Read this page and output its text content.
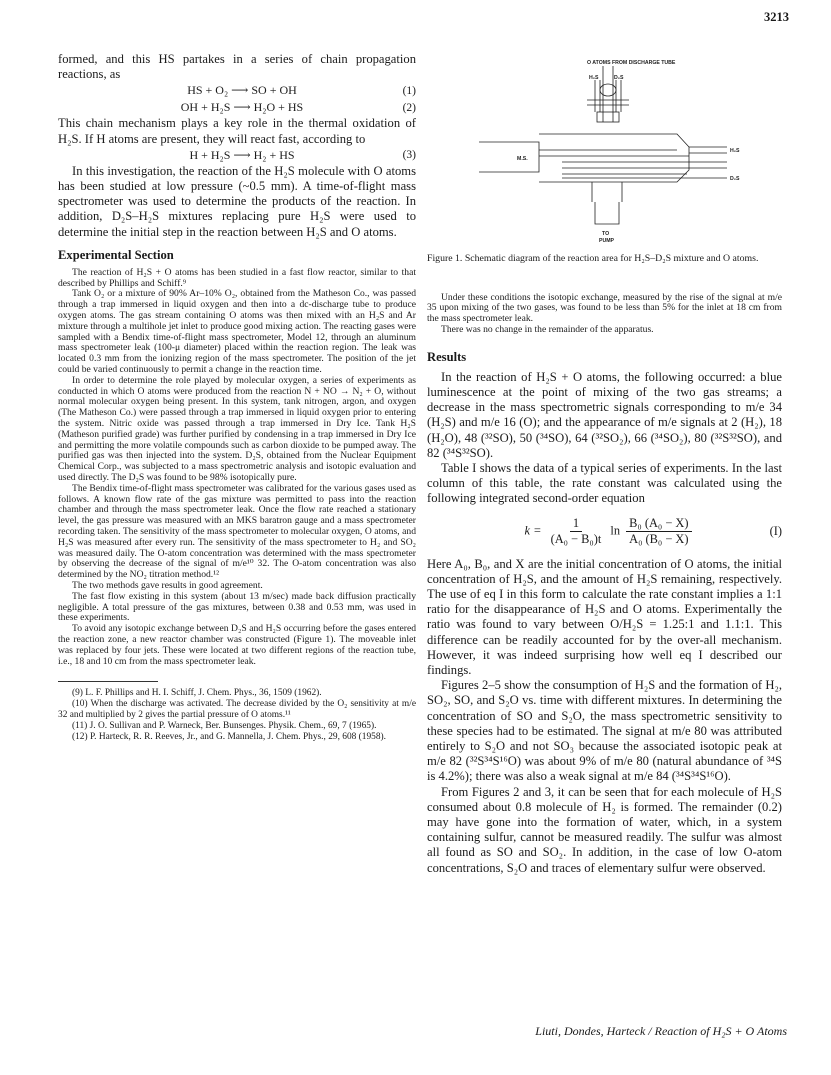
3213

formed, and this HS partakes in a series of chain propagation reactions, as

HS + O₂ ⟶ SO + OH	(1)
OH + H₂S ⟶ H₂O + HS	(2)

This chain mechanism plays a key role in the thermal oxidation of H₂S. If H atoms are present, they will react fast, according to

H + H₂S ⟶ H₂ + HS	(3)

In this investigation, the reaction of the H₂S molecule with O atoms has been studied at low pressure (~0.5 mm). A time-of-flight mass spectrometer was used to determine the products of the reaction. In addition, D₂S–H₂S mixtures replacing pure H₂S were used to determine the initial step in the reaction between H₂S and O atoms.

Experimental Section

The reaction of H₂S + O atoms has been studied in a fast flow reactor, similar to that described by Phillips and Schiff.⁹

Tank O₂ or a mixture of 90% Ar–10% O₂, obtained from the Matheson Co., was passed through a trap immersed in liquid oxygen and then into a dc-discharge tube to produce oxygen atoms. The gas stream containing O atoms was then mixed with an H₂S and Ar mixture through a multihole jet inlet to produce good mixing action. The reacting gases were sampled with a Bendix time-of-flight mass spectrometer, Model 12, through an aluminum mass spectrometer leak (100-μ diameter) placed within the reaction region. The leak was located 0.3 mm from the ionizing region of the mass spectrometer. The position of the jet could be varied continuously to permit a change in the reaction time.

In order to determine the role played by molecular oxygen, a series of experiments as conducted in which O atoms were produced from the reaction N + NO → N₂ + O, without normal molecular oxygen being present. In this system, tank nitrogen, argon, and oxygen (The Matheson Co.) were passed through a trap immersed in liquid oxygen prior to entering the system. Nitric oxide was passed through a trap immersed in Dry Ice. Tank H₂S (Matheson purified grade) was further purified by condensing in a trap immersed in Dry Ice and permitting the more volatile compounds such as carbon dioxide to be pumped away. The purified gas was then injected into the system. D₂S, obtained from the Nuclear Equipment Chemical Corp., was subjected to a mass spectrometric analysis and isotopic evaluation and used directly. The D₂S was found to be 98% isotopically pure.

The Bendix time-of-flight mass spectrometer was calibrated for the various gases used as follows. A known flow rate of the gas mixture was permitted to pass into the reaction chamber and through the mass spectrometer leak. Once the flow rate reached a stationary level, the gas pressure was measured with an MKS baratron gauge and a mass spectrometer recording taken. The sensitivity of the mass spectrometer to molecular oxygen, O atoms, and H₂S was measured after every run. The sensitivity of the mass spectrometer to H₂ and SO₂ was measured daily. The O-atom concentration was determined with the mass spectrometer by observing the decrease of the signal of m/e¹⁰ 32. The O-atom concentration was also determined by the NO₂ titration method.¹²

The two methods gave results in good agreement.

The fast flow existing in this system (about 13 m/sec) made back diffusion practically negligible. A total pressure of the gas mixtures, between 0.38 and 0.53 mm, was used in these experiments.

To avoid any isotopic exchange between D₂S and H₂S occurring before the gases entered the reaction zone, a new reactor chamber was constructed (Figure 1). The moveable inlet was replaced by four jets. These were located at two different regions of the reaction tube, i.e., 18 and 10 cm from the mass spectrometer leak.

(9) L. F. Phillips and H. I. Schiff, J. Chem. Phys., 36, 1509 (1962).

(10) When the discharge was activated. The decrease divided by the O₂ sensitivity at m/e 32 and multiplied by 2 gives the partial pressure of O atoms.¹¹

(11) J. O. Sullivan and P. Warneck, Ber. Bunsenges. Physik. Chem., 69, 7 (1965).

(12) P. Harteck, R. R. Reeves, Jr., and G. Mannella, J. Chem. Phys., 29, 608 (1958).

O ATOMS FROM DISCHARGE TUBE
H₂S	D₂S
M.S.
H₂S
D₂S
TO
PUMP

Figure 1. Schematic diagram of the reaction area for H₂S–D₂S mixture and O atoms.

Under these conditions the isotopic exchange, measured by the rise of the signal at m/e 35 upon mixing of the two gases, was found to be less than 5% for the inlet at 18 cm from the mass spectrometer leak.

There was no change in the remainder of the apparatus.

Results

In the reaction of H₂S + O atoms, the following occurred: a blue luminescence at the point of mixing of the two gas streams; a decrease in the mass spectrometric signals corresponding to m/e 34 (H₂S) and m/e 16 (O); and the appearance of m/e signals at 2 (H₂), 18 (H₂O), 48 (³²SO), 50 (³⁴SO), 64 (³²SO₂), 66 (³⁴SO₂), 80 (³²S³²SO), and 82 (³⁴S³²SO).

Table I shows the data of a typical series of experiments. In the last column of this table, the rate constant was calculated using the following integrated second-order equation

$k = \frac{1}{\text{(A₀ − B₀)t}}$ $\ln \frac{\text{B₀ (A₀ − X)}}{\text{A₀ (B₀ − X)}}$	(I)

Here A₀, B₀, and X are the initial concentration of O atoms, the initial concentration of H₂S, and the amount of H₂S remaining, respectively. The use of eq I in this form to calculate the rate constant implies a 1:1 ratio for the disappearance of H₂S and O atoms. Experimentally the ratio was found to vary between O/H₂S = 1.25:1 and 1.1:1. This difference can be readily accounted for by the over-all mechanism. However, it was indeed surprising how well eq I described our findings.

Figures 2–5 show the consumption of H₂S and the formation of H₂, SO₂, SO, and S₂O vs. time with different mixtures. In determining the concentration of SO and S₂O, the mass spectrometric sensitivity to these species had to be estimated. The signal at m/e 80 was attributed entirely to S₂O and not SO₃ because the associated isotopic peak at m/e 82 (³²S³⁴S¹⁶O) was about 9% of m/e 80 (natural abundance of ³⁴S is 4.2%); there was also a weak signal at m/e 84 (³⁴S³⁴S¹⁶O).

From Figures 2 and 3, it can be seen that for each molecule of H₂S consumed about 0.8 molecule of H₂ is formed. The remainder (0.2) may have gone into the formation of water, which, in a system containing sulfur, cannot be measured readily. The sulfur was almost all found as SO and SO₂. In addition, in the case of low O-atom concentrations, S₂O and traces of elementary sulfur were observed.

Liuti, Dondes, Harteck / Reaction of H₂S + O Atoms
